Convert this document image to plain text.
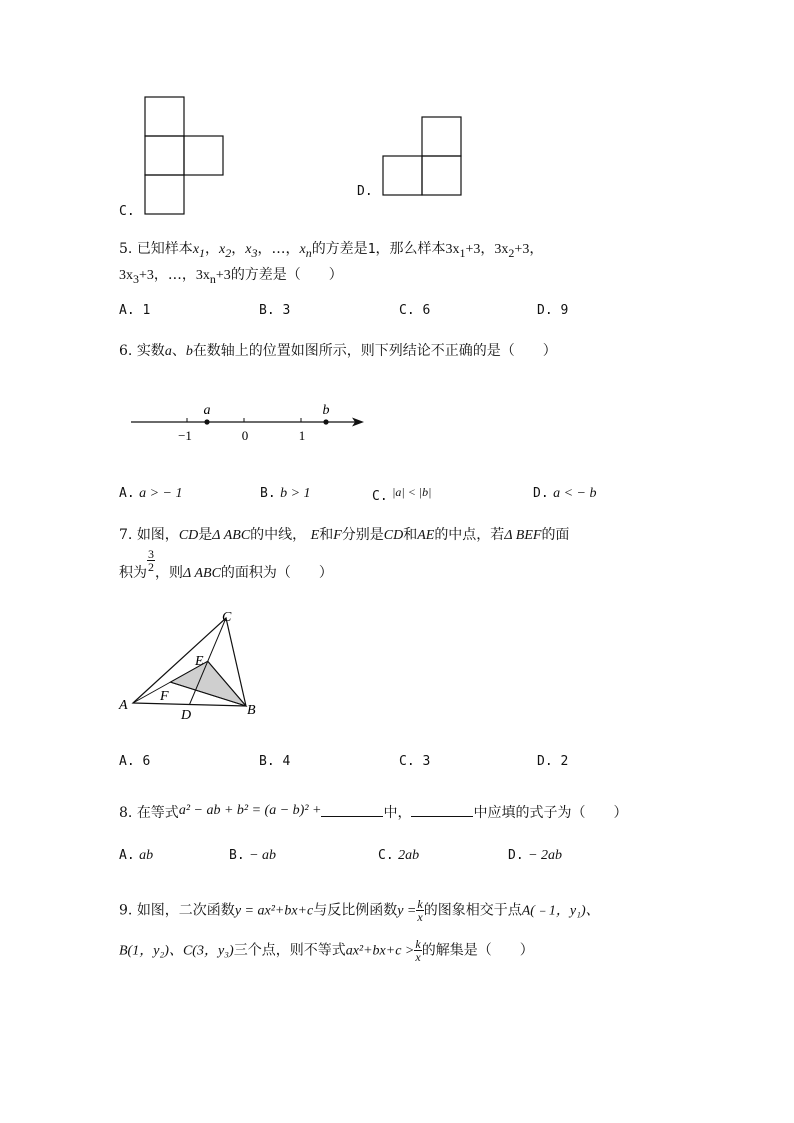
C.
D.
5. 已知样本$x_1$，$x_2$，$x_3$，…，$x_n$的方差是1，那么样本$3x_1+3$，$3x_2+3$，
$3x_3+3$，…，$3x_n+3$的方差是（　　）
A. 1	B. 3	C. 6	D. 9
6. 实数a、b在数轴上的位置如图所示，则下列结论不正确的是（　　）
a	b
−1	0	1
A. a > − 1	B. b > 1	C. |a| < |b|	D. a < − b
7. 如图，CD是Δ ABC的中线， E和F分别是CD和AE的中点，若Δ BEF的面
积为 $\frac{3}{2}$ ，则Δ ABC的面积为（　　）
A	B
C
D
E
F
A. 6	B. 4	C. 3	D. 2
8. 在等式a² − ab + b² = (a − b)² +	中，	中应填的式子为（　　）
A. ab	B. − ab	C. 2ab	D. − 2ab
9. 如图，二次函数y = ax²+bx+c与反比例函数$y = \frac{k}{x}$ 的图象相交于点A(﹣1，y₁)、
B(1，y₂)、C(3，y₃)三个点，则不等式$ax^2+bx+c > \frac{k}{x}$ 的解集是（　　）
